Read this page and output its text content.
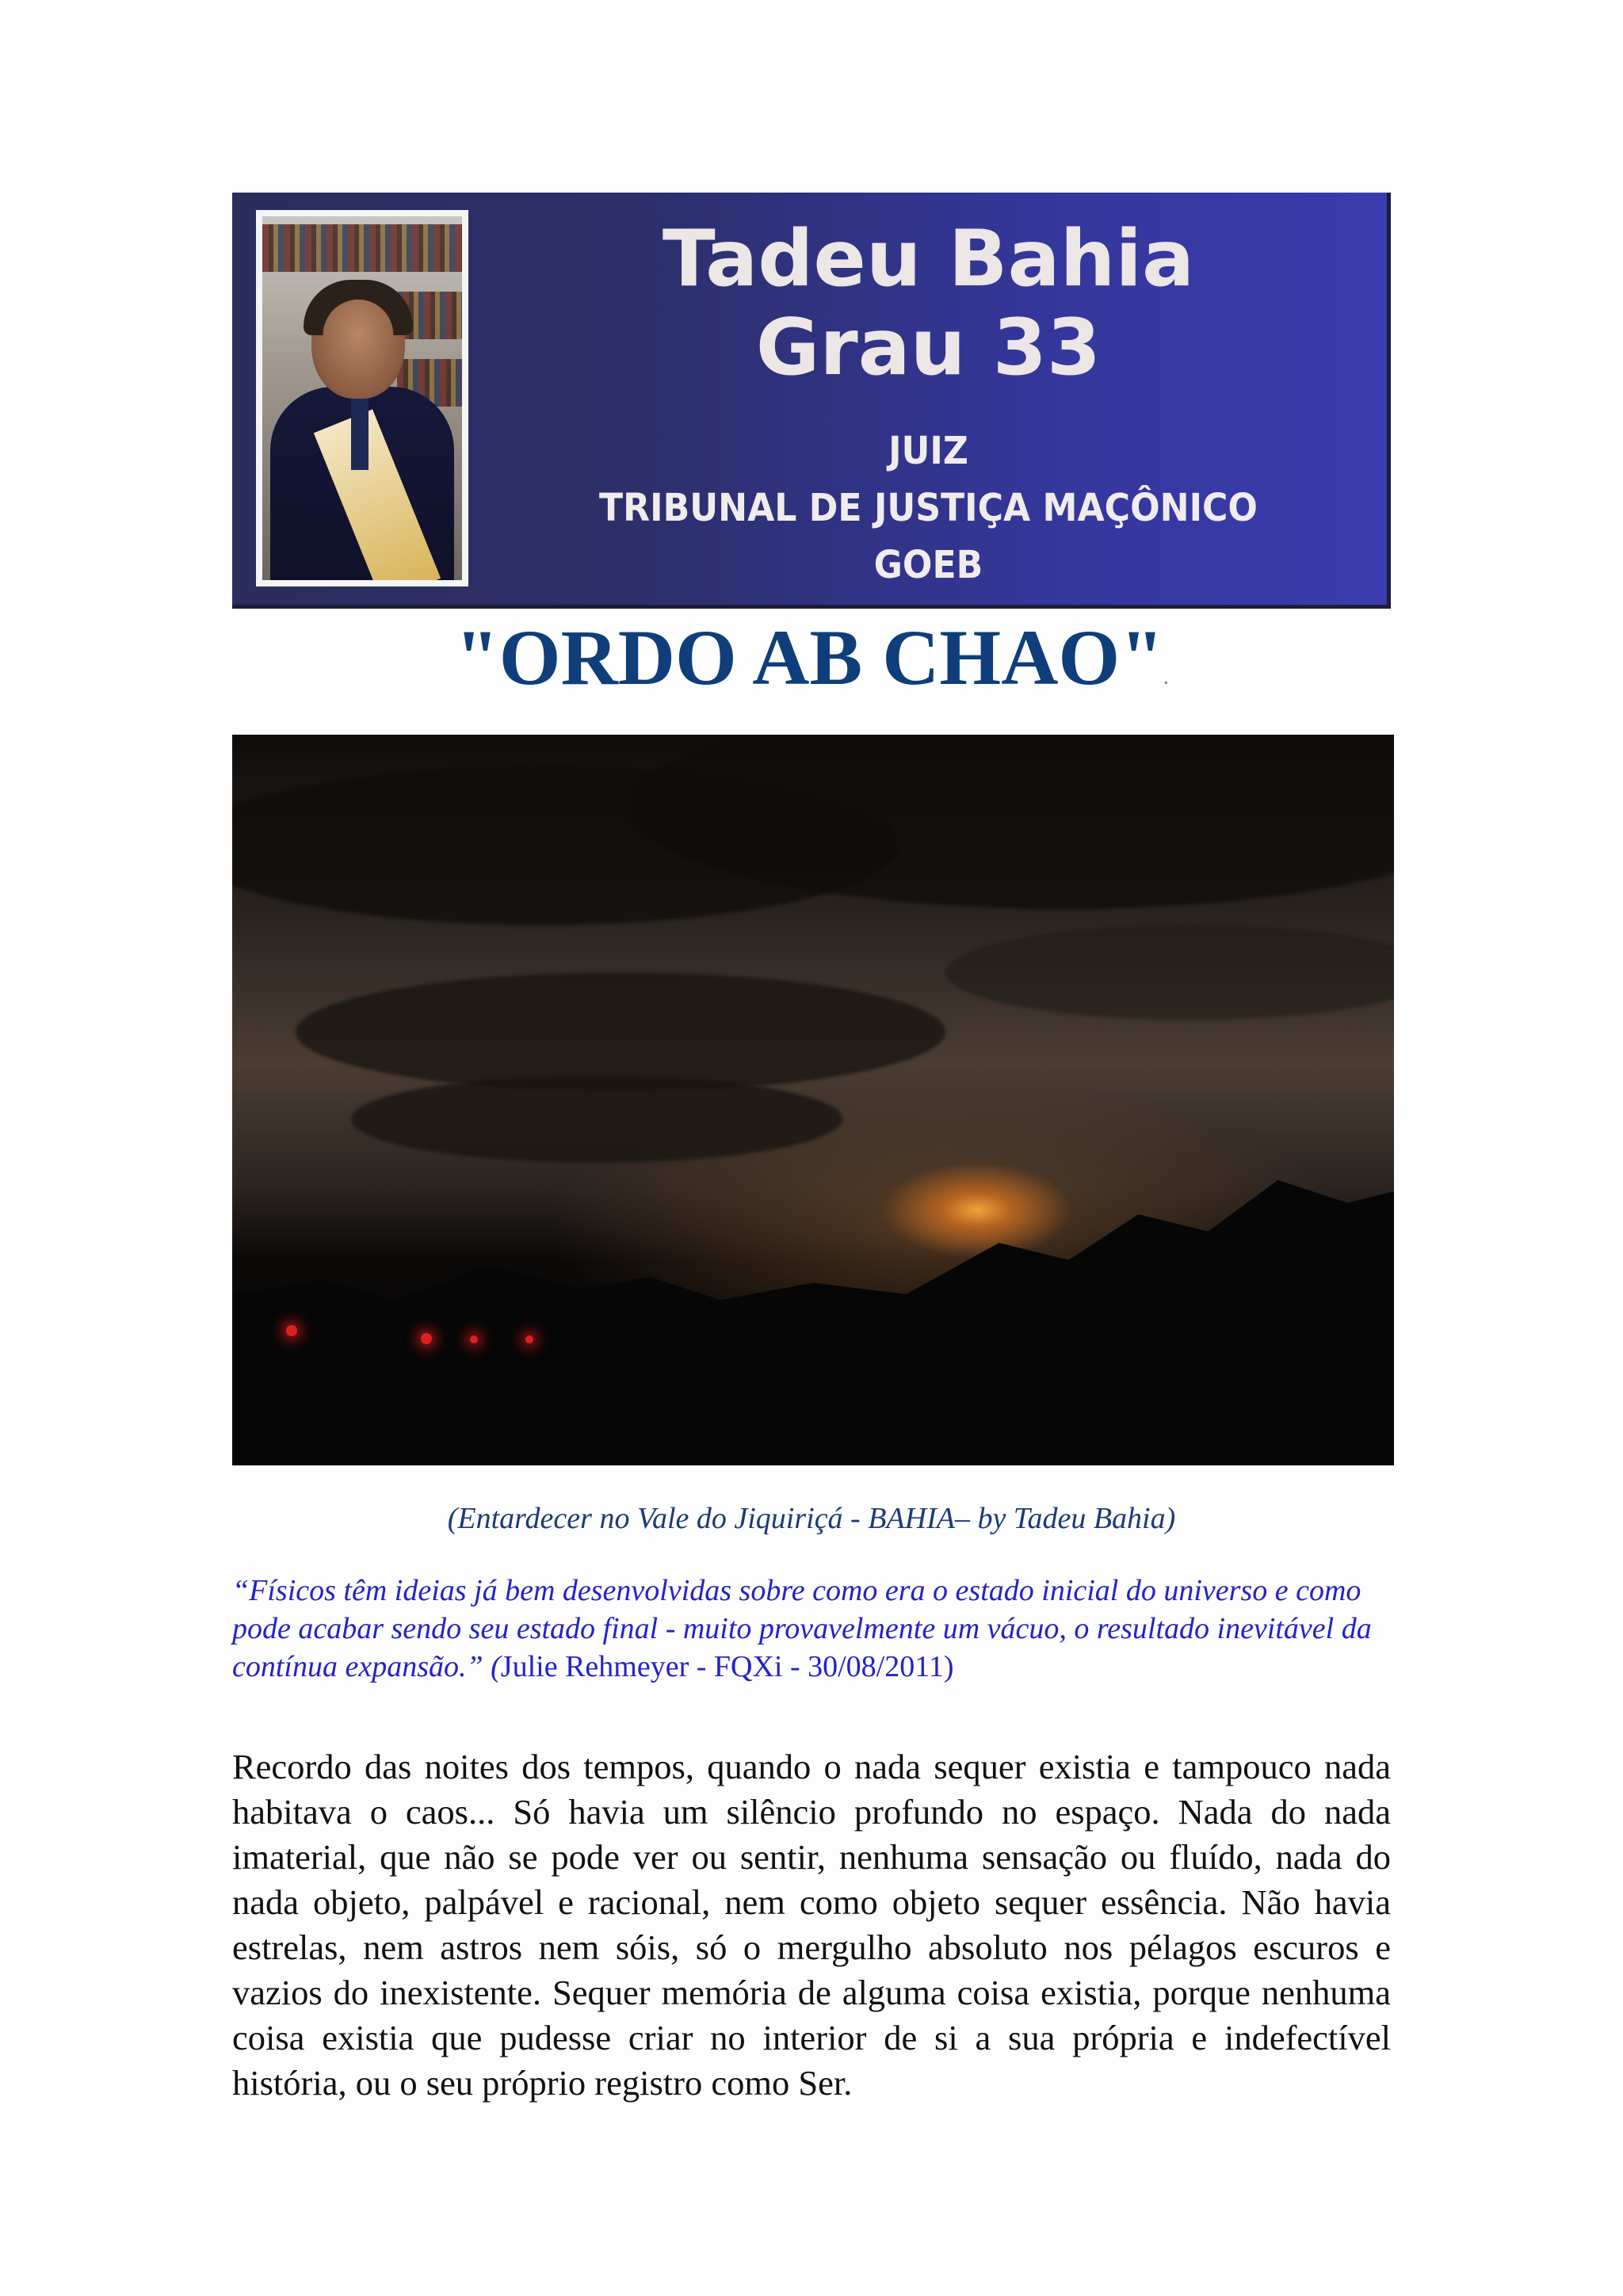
Tadeu Bahia
Grau 33
JUIZ
TRIBUNAL DE JUSTIÇA MAÇÔNICO
GOEB
"ORDO AB CHAO".
(Entardecer no Vale do Jiquiriçá - BAHIA– by Tadeu Bahia)
“Físicos têm ideias já bem desenvolvidas sobre como era o estado inicial do universo e como pode acabar sendo seu estado final - muito provavelmente um vácuo, o resultado inevitável da contínua expansão.” (Julie Rehmeyer - FQXi - 30/08/2011)
Recordo das noites dos tempos, quando o nada sequer existia e tampouco nada habitava o caos... Só havia um silêncio profundo no espaço. Nada do nada imaterial, que não se pode ver ou sentir, nenhuma sensação ou fluído, nada do nada objeto, palpável e racional, nem como objeto sequer essência. Não havia estrelas, nem astros nem sóis, só o mergulho absoluto nos pélagos escuros e vazios do inexistente. Sequer memória de alguma coisa existia, porque nenhuma coisa existia que pudesse criar no interior de si a sua própria e indefectível história, ou o seu próprio registro como Ser.
